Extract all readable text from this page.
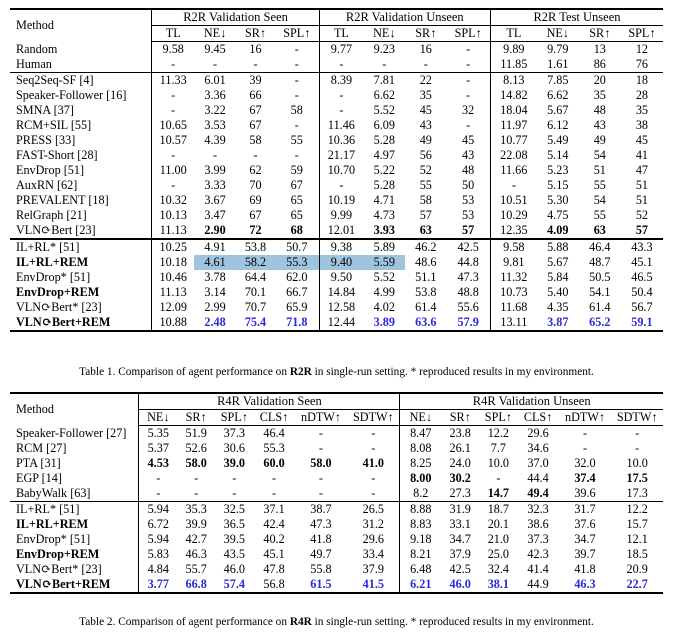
Method	R2R Validation Seen				R2R Validation Unseen				R2R Test Unseen			
	TL	NE↓	SR↑	SPL↑	TL	NE↓	SR↑	SPL↑	TL	NE↓	SR↑	SPL↑
Random	9.58	9.45	16	-	9.77	9.23	16	-	9.89	9.79	13	12
Human	-	-	-	-	-	-	-	-	11.85	1.61	86	76
Seq2Seq-SF [4]	11.33	6.01	39	-	8.39	7.81	22	-	8.13	7.85	20	18
Speaker-Follower [16]	-	3.36	66	-	-	6.62	35	-	14.82	6.62	35	28
SMNA [37]	-	3.22	67	58	-	5.52	45	32	18.04	5.67	48	35
RCM+SIL [55]	10.65	3.53	67	-	11.46	6.09	43	-	11.97	6.12	43	38
PRESS [33]	10.57	4.39	58	55	10.36	5.28	49	45	10.77	5.49	49	45
FAST-Short [28]	-	-	-	-	21.17	4.97	56	43	22.08	5.14	54	41
EnvDrop [51]	11.00	3.99	62	59	10.70	5.22	52	48	11.66	5.23	51	47
AuxRN [62]	-	3.33	70	67	-	5.28	55	50	-	5.15	55	51
PREVALENT [18]	10.32	3.67	69	65	10.19	4.71	58	53	10.51	5.30	54	51
RelGraph [21]	10.13	3.47	67	65	9.99	4.73	57	53	10.29	4.75	55	52
VLN⟳Bert [23]	11.13	2.90	72	68	12.01	3.93	63	57	12.35	4.09	63	57
IL+RL* [51]	10.25	4.91	53.8	50.7	9.38	5.89	46.2	42.5	9.58	5.88	46.4	43.3
IL+RL+REM	10.18	4.61	58.2	55.3	9.40	5.59	48.6	44.8	9.81	5.67	48.7	45.1
EnvDrop* [51]	10.46	3.78	64.4	62.0	9.50	5.52	51.1	47.3	11.32	5.84	50.5	46.5
EnvDrop+REM	11.13	3.14	70.1	66.7	14.84	4.99	53.8	48.8	10.73	5.40	54.1	50.4
VLN⟳Bert* [23]	12.09	2.99	70.7	65.9	12.58	4.02	61.4	55.6	11.68	4.35	61.4	56.7
VLN⟳Bert+REM	10.88	2.48	75.4	71.8	12.44	3.89	63.6	57.9	13.11	3.87	65.2	59.1
Table 1. Comparison of agent performance on R2R in single-run setting. * reproduced results in my environment.
Method	R4R Validation Seen						R4R Validation Unseen					
	NE↓	SR↑	SPL↑	CLS↑	nDTW↑	SDTW↑	NE↓	SR↑	SPL↑	CLS↑	nDTW↑	SDTW↑
Speaker-Follower [27]	5.35	51.9	37.3	46.4	-	-	8.47	23.8	12.2	29.6	-	-
RCM [27]	5.37	52.6	30.6	55.3	-	-	8.08	26.1	7.7	34.6	-	-
PTA [31]	4.53	58.0	39.0	60.0	58.0	41.0	8.25	24.0	10.0	37.0	32.0	10.0
EGP [14]	-	-	-	-	-	-	8.00	30.2	-	44.4	37.4	17.5
BabyWalk [63]	-	-	-	-	-	-	8.2	27.3	14.7	49.4	39.6	17.3
IL+RL* [51]	5.94	35.3	32.5	37.1	38.7	26.5	8.88	31.9	18.7	32.3	31.7	12.2
IL+RL+REM	6.72	39.9	36.5	42.4	47.3	31.2	8.83	33.1	20.1	38.6	37.6	15.7
EnvDrop* [51]	5.94	42.7	39.5	40.2	41.8	29.6	9.18	34.7	21.0	37.3	34.7	12.1
EnvDrop+REM	5.83	46.3	43.5	45.1	49.7	33.4	8.21	37.9	25.0	42.3	39.7	18.5
VLN⟳Bert* [23]	4.84	55.7	46.0	47.8	55.8	37.9	6.48	42.5	32.4	41.4	41.8	20.9
VLN⟳Bert+REM	3.77	66.8	57.4	56.8	61.5	41.5	6.21	46.0	38.1	44.9	46.3	22.7
Table 2. Comparison of agent performance on R4R in single-run setting. * reproduced results in my environment.
